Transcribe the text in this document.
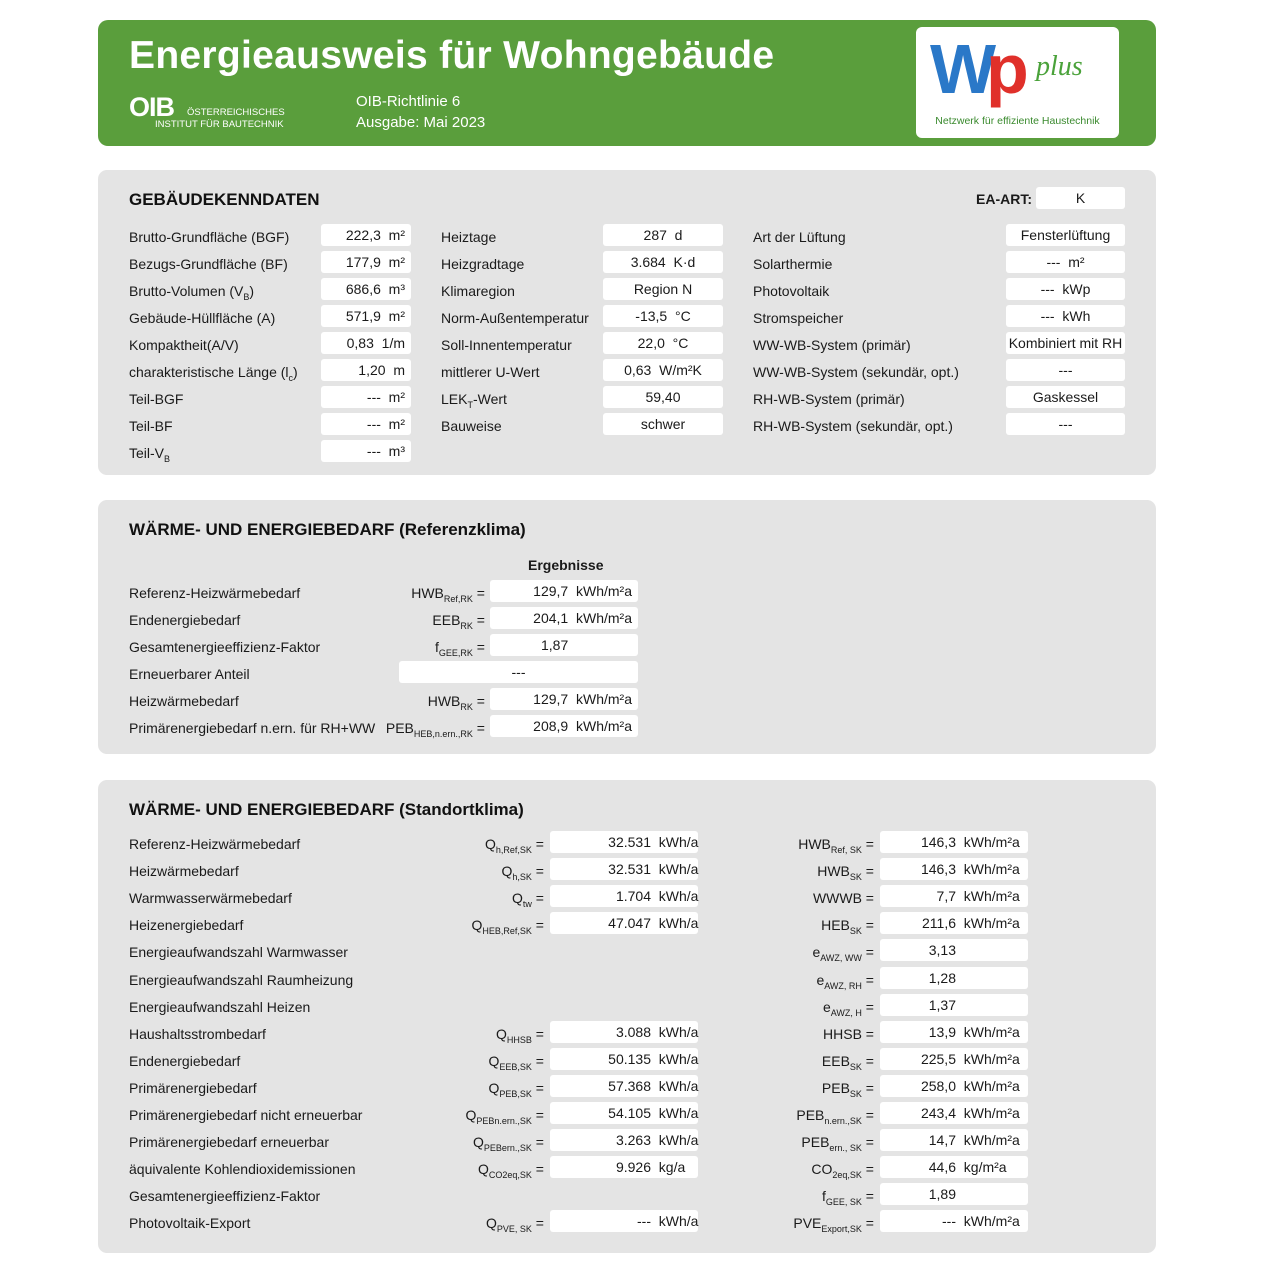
Energieausweis für Wohngebäude
OIB ÖSTERREICHISCHES
INSTITUT FÜR BAUTECHNIK
OIB-Richtlinie 6
Ausgabe: Mai 2023
W
p plus
Netzwerk für effiziente Haustechnik
GEBÄUDEKENNDATEN	EA-ART:	K
Brutto-Grundfläche (BGF)	222,3  m²
Bezugs-Grundfläche (BF)	177,9  m²
Brutto-Volumen $(V_B)$	686,6  m³
Gebäude-Hüllfläche (A)	571,9  m²
Kompaktheit(A/V)	0,83  1/m
charakteristische Länge $(l_c)$	1,20  m
Teil-BGF	---  m²
Teil-BF	---  m²
Teil-$V_B$	---  m³
Heiztage	287  d
Heizgradtage	3.684  K·d
Klimaregion	Region N
Norm-Außentemperatur	-13,5  °C
Soll-Innentemperatur	22,0  °C
mittlerer U-Wert	0,63  W/m²K
$LEK_T$-Wert	59,40
Bauweise	schwer
Art der Lüftung	Fensterlüftung
Solarthermie	---  m²
Photovoltaik	---  kWp
Stromspeicher	---  kWh
WW-WB-System (primär)	Kombiniert mit RH
WW-WB-System (sekundär, opt.)	---
RH-WB-System (primär)	Gaskessel
RH-WB-System (sekundär, opt.)	---
WÄRME- UND ENERGIEBEDARF (Referenzklima)
Ergebnisse
Referenz-Heizwärmebedarf	$HWB_{Ref,RK}$ =	129,7  kWh/m²a
Endenergiebedarf	$EEB_{RK}$ =	204,1  kWh/m²a
Gesamtenergieeffizienz-Faktor	$f_{GEE,RK}$ =	1,87
Erneuerbarer Anteil	---
Heizwärmebedarf	$HWB_{RK}$ =	129,7  kWh/m²a
Primärenergiebedarf n.ern. für RH+WW $PEB_{HEB,n.ern.,RK}$ =	208,9  kWh/m²a
WÄRME- UND ENERGIEBEDARF (Standortklima)
Referenz-Heizwärmebedarf	$Q_{h,Ref,SK}$ =	32.531  kWh/a	$HWB_{Ref, SK}$ =	146,3  kWh/m²a
Heizwärmebedarf	$Q_{h,SK}$ =	32.531  kWh/a	$HWB_{SK}$ =	146,3  kWh/m²a
Warmwasserwärmebedarf	$Q_{tw}$ =	1.704  kWh/a	WWWB =	7,7  kWh/m²a
Heizenergiebedarf	$Q_{HEB,Ref,SK}$ =	47.047  kWh/a	$HEB_{SK}$ =	211,6  kWh/m²a
Energieaufwandszahl Warmwasser	$e_{AWZ, WW}$ =	3,13
Energieaufwandszahl Raumheizung	$e_{AWZ, RH}$ =	1,28
Energieaufwandszahl Heizen	$e_{AWZ, H}$ =	1,37
Haushaltsstrombedarf	$Q_{HHSB}$ =	3.088  kWh/a	HHSB =	13,9  kWh/m²a
Endenergiebedarf	$Q_{EEB,SK}$ =	50.135  kWh/a	$EEB_{SK}$ =	225,5  kWh/m²a
Primärenergiebedarf	$Q_{PEB,SK}$ =	57.368  kWh/a	$PEB_{SK}$ =	258,0  kWh/m²a
Primärenergiebedarf nicht erneuerbar	$Q_{PEBn.ern.,SK}$ =	54.105  kWh/a	$PEB_{n.ern.,SK}$ =	243,4  kWh/m²a
Primärenergiebedarf erneuerbar	$Q_{PEBern.,SK}$ =	3.263  kWh/a	$PEB_{ern., SK}$ =	14,7  kWh/m²a
äquivalente Kohlendioxidemissionen	$Q_{CO2eq,SK}$ =	9.926  kg/a	$CO_{2eq,SK}$ =	44,6  kg/m²a
Gesamtenergieeffizienz-Faktor	$f_{GEE, SK}$ =	1,89
Photovoltaik-Export	$Q_{PVE, SK}$ =	---  kWh/a	$PVE_{Export,SK}$ =	---  kWh/m²a
